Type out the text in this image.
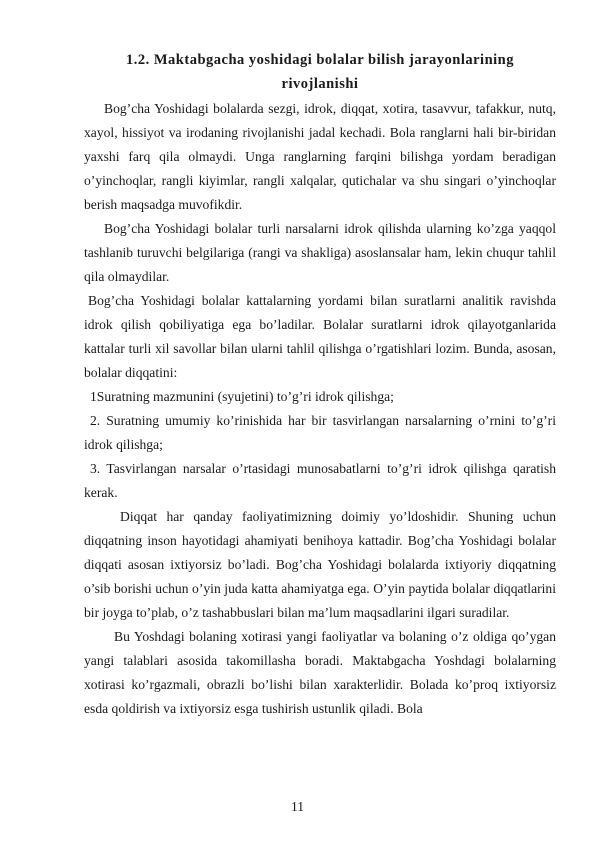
1.2. Maktabgacha yoshidagi bolalar bilish jarayonlarining
rivojlanishi

Bog’cha Yoshidagi bolalarda sezgi, idrok, diqqat, xotira, tasavvur, tafakkur, nutq, xayol, hissiyot va irodaning rivojlanishi jadal kechadi. Bola ranglarni hali bir-biridan yaxshi farq qila olmaydi. Unga ranglarning farqini bilishga yordam beradigan o’yinchoqlar, rangli kiyimlar, rangli xalqalar, qutichalar va shu singari o’yinchoqlar berish maqsadga muvofikdir.

Bog’cha Yoshidagi bolalar turli narsalarni idrok qilishda ularning ko’zga yaqqol tashlanib turuvchi belgilariga (rangi va shakliga) asoslansalar ham, lekin chuqur tahlil qila olmaydilar.

Bog’cha Yoshidagi bolalar kattalarning yordami bilan suratlarni analitik ravishda idrok qilish qobiliyatiga ega bo’ladilar. Bolalar suratlarni idrok qilayotganlarida kattalar turli xil savollar bilan ularni tahlil qilishga o’rgatishlari lozim. Bunda, asosan, bolalar diqqatini:

1Suratning mazmunini (syujetini) to’g’ri idrok qilishga;

2. Suratning umumiy ko’rinishida har bir tasvirlangan narsalarning o’rnini to’g’ri idrok qilishga;

3. Tasvirlangan narsalar o’rtasidagi munosabatlarni to’g’ri idrok qilishga qaratish kerak.

Diqqat har qanday faoliyatimizning doimiy yo’ldoshidir. Shuning uchun diqqatning inson hayotidagi ahamiyati benihoya kattadir. Bog’cha Yoshidagi bolalar diqqati asosan ixtiyorsiz bo’ladi. Bog’cha Yoshidagi bolalarda ixtiyoriy diqqatning o’sib borishi uchun o’yin juda katta ahamiyatga ega. O’yin paytida bolalar diqqatlarini bir joyga to’plab, o’z tashabbuslari bilan ma’lum maqsadlarini ilgari suradilar.

Bu Yoshdagi bolaning xotirasi yangi faoliyatlar va bolaning o’z oldiga qo’ygan yangi talablari asosida takomillasha boradi. Maktabgacha Yoshdagi bolalarning xotirasi ko’rgazmali, obrazli bo’lishi bilan xarakterlidir. Bolada ko’proq ixtiyorsiz esda qoldirish va ixtiyorsiz esga tushirish ustunlik qiladi. Bola

11
